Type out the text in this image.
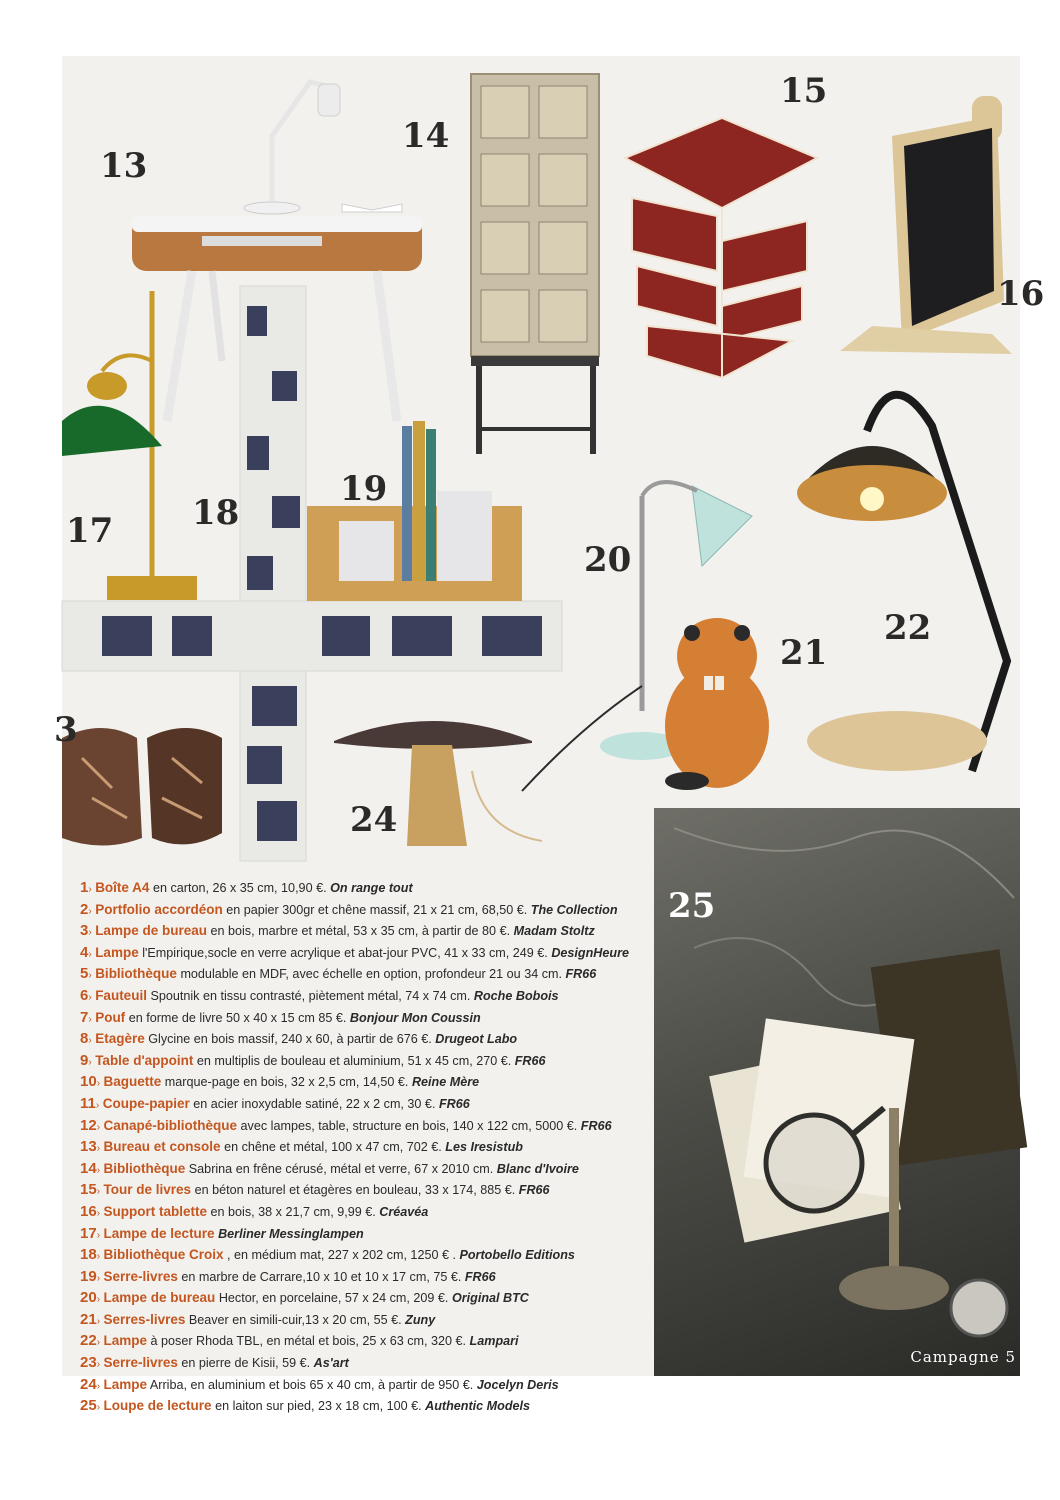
13
14
15
16
17 18
19
20
21
22
3
24
1› Boîte A4 en carton, 26 x 35 cm, 10,90 €. On range tout
2› Portfolio accordéon en papier 300gr et chêne massif, 21 x 21 cm, 68,50 €. The Collection
3› Lampe de bureau en bois, marbre et métal, 53 x 35 cm, à partir de 80 €. Madam Stoltz
4› Lampe l'Empirique,socle en verre acrylique et abat-jour PVC, 41 x 33 cm, 249 €. DesignHeure
5› Bibliothèque modulable en MDF, avec échelle en option, profondeur 21 ou 34 cm. FR66
6› Fauteuil Spoutnik en tissu contrasté, piètement métal, 74 x 74 cm. Roche Bobois
7› Pouf en forme de livre 50 x 40 x 15 cm 85 €. Bonjour Mon Coussin
8› Etagère Glycine en bois massif, 240 x 60, à partir de 676 €. Drugeot Labo
9› Table d'appoint en multiplis de bouleau et aluminium, 51 x 45 cm, 270 €. FR66
10› Baguette marque-page en bois, 32 x 2,5 cm, 14,50 €. Reine Mère
11› Coupe-papier en acier inoxydable satiné, 22 x 2 cm, 30 €. FR66
12› Canapé-bibliothèque avec lampes, table, structure en bois, 140 x 122 cm, 5000 €. FR66
13› Bureau et console en chêne et métal, 100 x 47 cm, 702 €. Les Iresistub
14› Bibliothèque Sabrina en frêne cérusé, métal et verre, 67 x 2010 cm. Blanc d'Ivoire
15› Tour de livres en béton naturel et étagères en bouleau, 33 x 174, 885 €. FR66
16› Support tablette en bois, 38 x 21,7 cm, 9,99 €. Créavéa
17› Lampe de lecture Berliner Messinglampen
18› Bibliothèque Croix , en médium mat, 227 x 202 cm, 1250 € . Portobello Editions
19› Serre-livres en marbre de Carrare,10 x 10 et 10 x 17 cm, 75 €. FR66
20› Lampe de bureau Hector, en porcelaine, 57 x 24 cm, 209 €. Original BTC
21› Serres-livres Beaver en simili-cuir,13 x 20 cm, 55 €. Zuny
22› Lampe à poser Rhoda TBL, en métal et bois, 25 x 63 cm, 320 €. Lampari
23› Serre-livres en pierre de Kisii, 59 €. As'art
24› Lampe Arriba, en aluminium et bois 65 x 40 cm, à partir de 950 €. Jocelyn Deris
25› Loupe de lecture en laiton sur pied, 23 x 18 cm, 100 €. Authentic Models
25
Campagne 5
